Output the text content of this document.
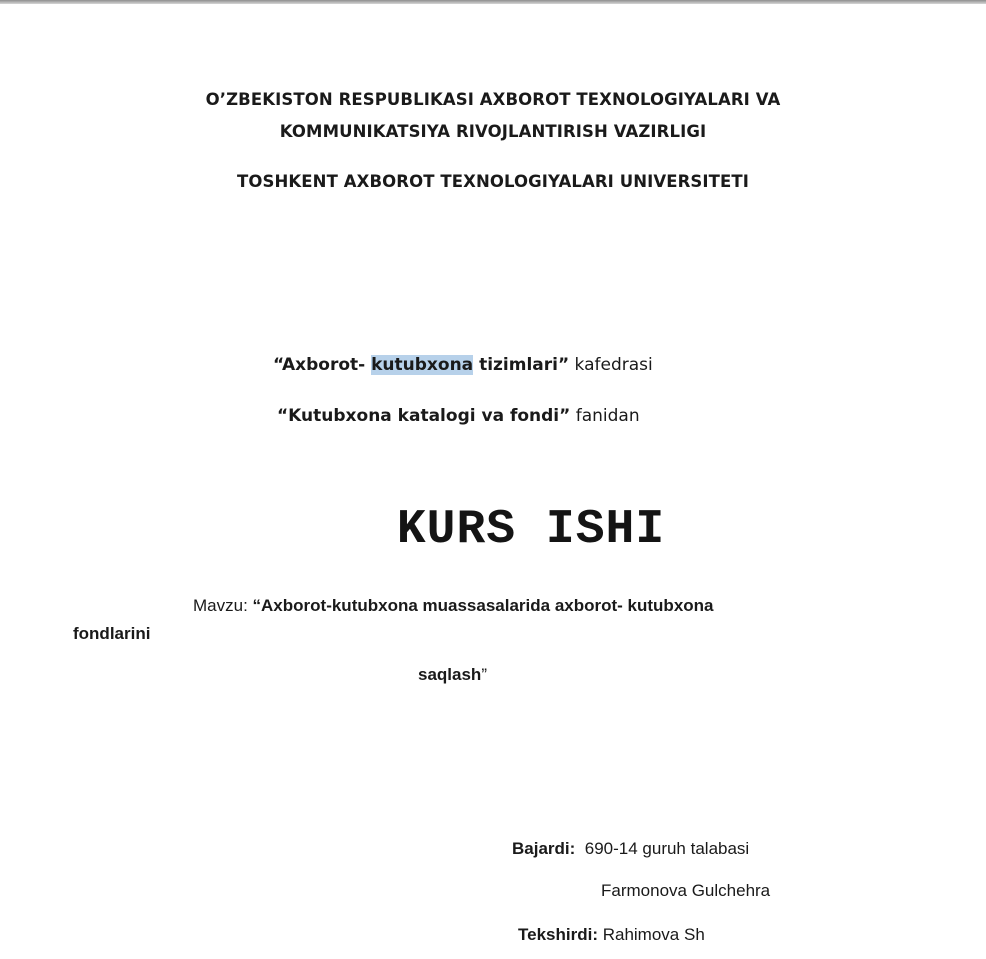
O’ZBEKISTON RESPUBLIKASI AXBOROT TEXNOLOGIYALARI VA
KOMMUNIKATSIYA RIVOJLANTIRISH VAZIRLIGI
TOSHKENT AXBOROT TEXNOLOGIYALARI UNIVERSITETI
“Axborot- kutubxona tizimlari” kafedrasi
“Kutubxona katalogi va fondi” fanidan
KURS ISHI
Mavzu: “Axborot-kutubxona muassasalarida axborot- kutubxona
fondlarini
saqlash”
Bajardi: 690-14 guruh talabasi
Farmonova Gulchehra
Tekshirdi: Rahimova Sh
